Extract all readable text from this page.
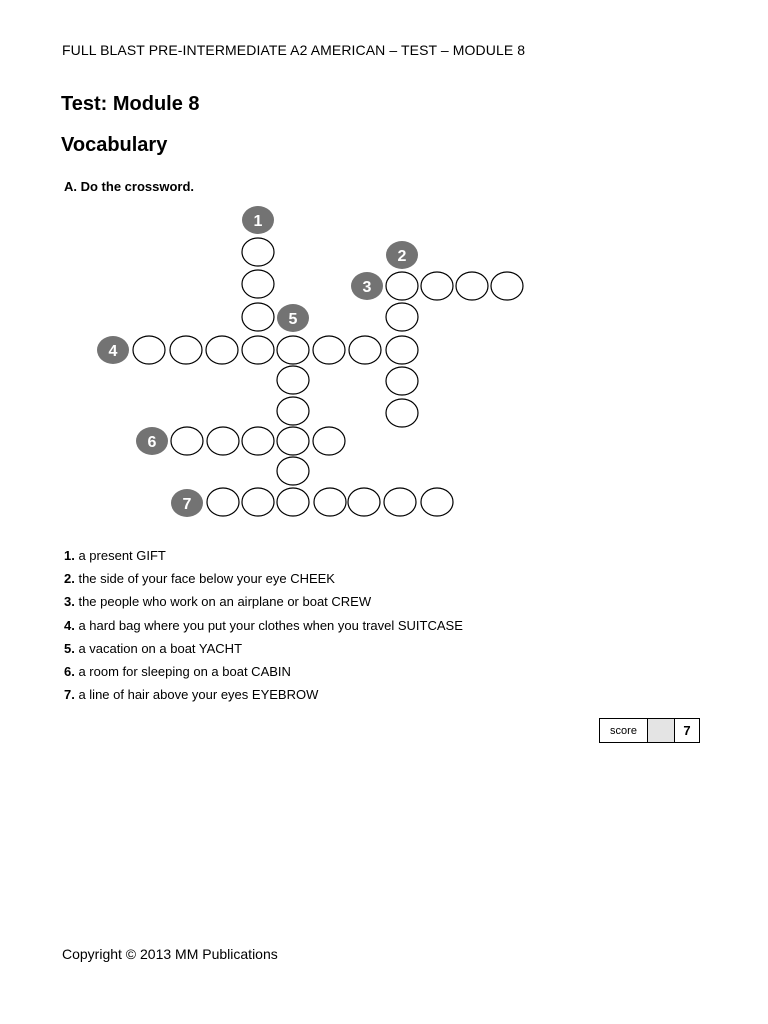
FULL BLAST PRE-INTERMEDIATE A2 AMERICAN – TEST – MODULE 8
Test: Module 8
Vocabulary
A. Do the crossword.
1
2
3
4
5
6
7
1. a present GIFT
2. the side of your face below your eye CHEEK
3. the people who work on an airplane or boat CREW
4. a hard bag where you put your clothes when you travel SUITCASE
5. a vacation on a boat YACHT
6. a room for sleeping on a boat CABIN
7. a line of hair above your eyes EYEBROW
score	7
Copyright © 2013 MM Publications
